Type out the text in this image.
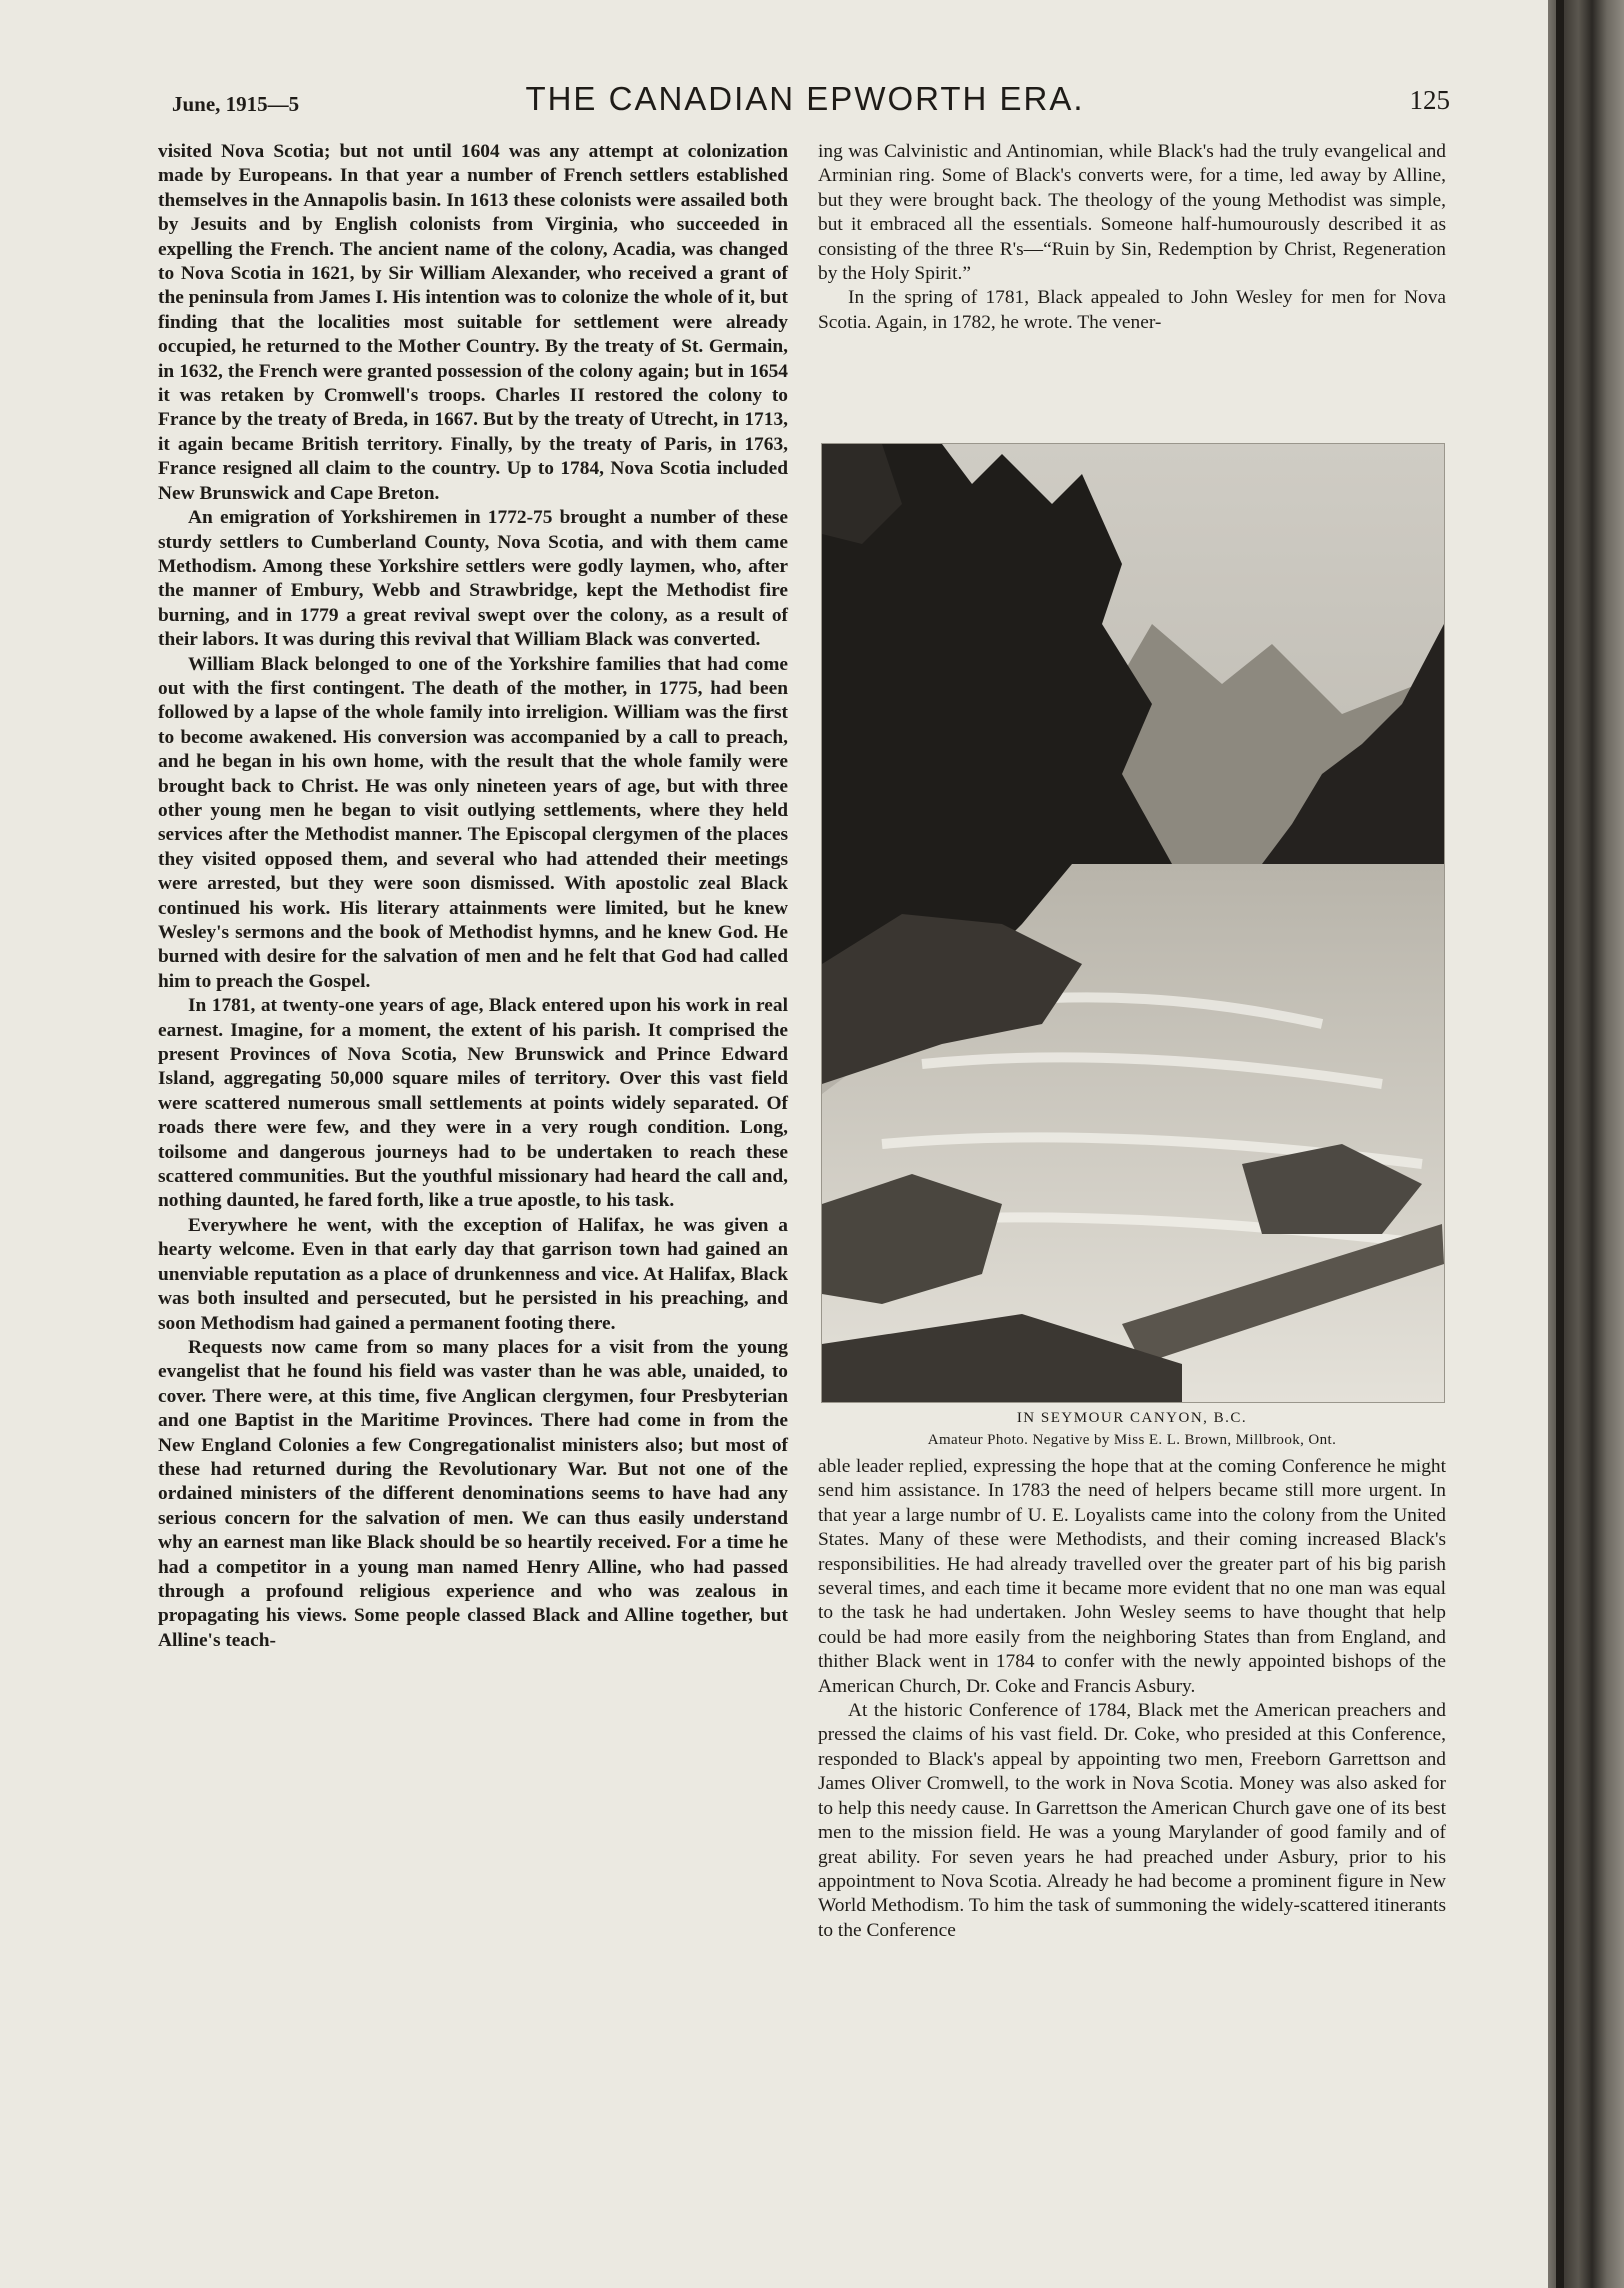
June, 1915—5	THE CANADIAN EPWORTH ERA.	125

visited Nova Scotia; but not until 1604 was any attempt at colonization made by Europeans. In that year a number of French settlers established themselves in the Annapolis basin. In 1613 these colonists were assailed both by Jesuits and by English colonists from Virginia, who succeeded in expelling the French. The ancient name of the colony, Acadia, was changed to Nova Scotia in 1621, by Sir William Alexander, who received a grant of the peninsula from James I. His intention was to colonize the whole of it, but finding that the localities most suitable for settlement were already occupied, he returned to the Mother Country. By the treaty of St. Germain, in 1632, the French were granted possession of the colony again; but in 1654 it was retaken by Cromwell's troops. Charles II restored the colony to France by the treaty of Breda, in 1667. But by the treaty of Utrecht, in 1713, it again became British territory. Finally, by the treaty of Paris, in 1763, France resigned all claim to the country. Up to 1784, Nova Scotia included New Brunswick and Cape Breton.

An emigration of Yorkshiremen in 1772-75 brought a number of these sturdy settlers to Cumberland County, Nova Scotia, and with them came Methodism. Among these Yorkshire settlers were godly laymen, who, after the manner of Embury, Webb and Strawbridge, kept the Methodist fire burning, and in 1779 a great revival swept over the colony, as a result of their labors. It was during this revival that William Black was converted.

William Black belonged to one of the Yorkshire families that had come out with the first contingent. The death of the mother, in 1775, had been followed by a lapse of the whole family into irreligion. William was the first to become awakened. His conversion was accompanied by a call to preach, and he began in his own home, with the result that the whole family were brought back to Christ. He was only nineteen years of age, but with three other young men he began to visit outlying settlements, where they held services after the Methodist manner. The Episcopal clergymen of the places they visited opposed them, and several who had attended their meetings were arrested, but they were soon dismissed. With apostolic zeal Black continued his work. His literary attainments were limited, but he knew Wesley's sermons and the book of Methodist hymns, and he knew God. He burned with desire for the salvation of men and he felt that God had called him to preach the Gospel.

In 1781, at twenty-one years of age, Black entered upon his work in real earnest. Imagine, for a moment, the extent of his parish. It comprised the present Provinces of Nova Scotia, New Brunswick and Prince Edward Island, aggregating 50,000 square miles of territory. Over this vast field were scattered numerous small settlements at points widely separated. Of roads there were few, and they were in a very rough condition. Long, toilsome and dangerous journeys had to be undertaken to reach these scattered communities. But the youthful missionary had heard the call and, nothing daunted, he fared forth, like a true apostle, to his task.

Everywhere he went, with the exception of Halifax, he was given a hearty welcome. Even in that early day that garrison town had gained an unenviable reputation as a place of drunkenness and vice. At Halifax, Black was both insulted and persecuted, but he persisted in his preaching, and soon Methodism had gained a permanent footing there.

Requests now came from so many places for a visit from the young evangelist that he found his field was vaster than he was able, unaided, to cover. There were, at this time, five Anglican clergymen, four Presbyterian and one Baptist in the Maritime Provinces. There had come in from the New England Colonies a few Congregationalist ministers also; but most of these had returned during the Revolutionary War. But not one of the ordained ministers of the different denominations seems to have had any serious concern for the salvation of men. We can thus easily understand why an earnest man like Black should be so heartily received. For a time he had a competitor in a young man named Henry Alline, who had passed through a profound religious experience and who was zealous in propagating his views. Some people classed Black and Alline together, but Alline's teach-

ing was Calvinistic and Antinomian, while Black's had the truly evangelical and Arminian ring. Some of Black's converts were, for a time, led away by Alline, but they were brought back. The theology of the young Methodist was simple, but it embraced all the essentials. Someone half-humourously described it as consisting of the three R's—“Ruin by Sin, Redemption by Christ, Regeneration by the Holy Spirit.”

In the spring of 1781, Black appealed to John Wesley for men for Nova Scotia. Again, in 1782, he wrote. The vener-

IN SEYMOUR CANYON, B.C.
Amateur Photo. Negative by Miss E. L. Brown, Millbrook, Ont.

able leader replied, expressing the hope that at the coming Conference he might send him assistance. In 1783 the need of helpers became still more urgent. In that year a large numbr of U. E. Loyalists came into the colony from the United States. Many of these were Methodists, and their coming increased Black's responsibilities. He had already travelled over the greater part of his big parish several times, and each time it became more evident that no one man was equal to the task he had undertaken. John Wesley seems to have thought that help could be had more easily from the neighboring States than from England, and thither Black went in 1784 to confer with the newly appointed bishops of the American Church, Dr. Coke and Francis Asbury.

At the historic Conference of 1784, Black met the American preachers and pressed the claims of his vast field. Dr. Coke, who presided at this Conference, responded to Black's appeal by appointing two men, Freeborn Garrettson and James Oliver Cromwell, to the work in Nova Scotia. Money was also asked for to help this needy cause. In Garrettson the American Church gave one of its best men to the mission field. He was a young Marylander of good family and of great ability. For seven years he had preached under Asbury, prior to his appointment to Nova Scotia. Already he had become a prominent figure in New World Methodism. To him the task of summoning the widely-scattered itinerants to the Conference
